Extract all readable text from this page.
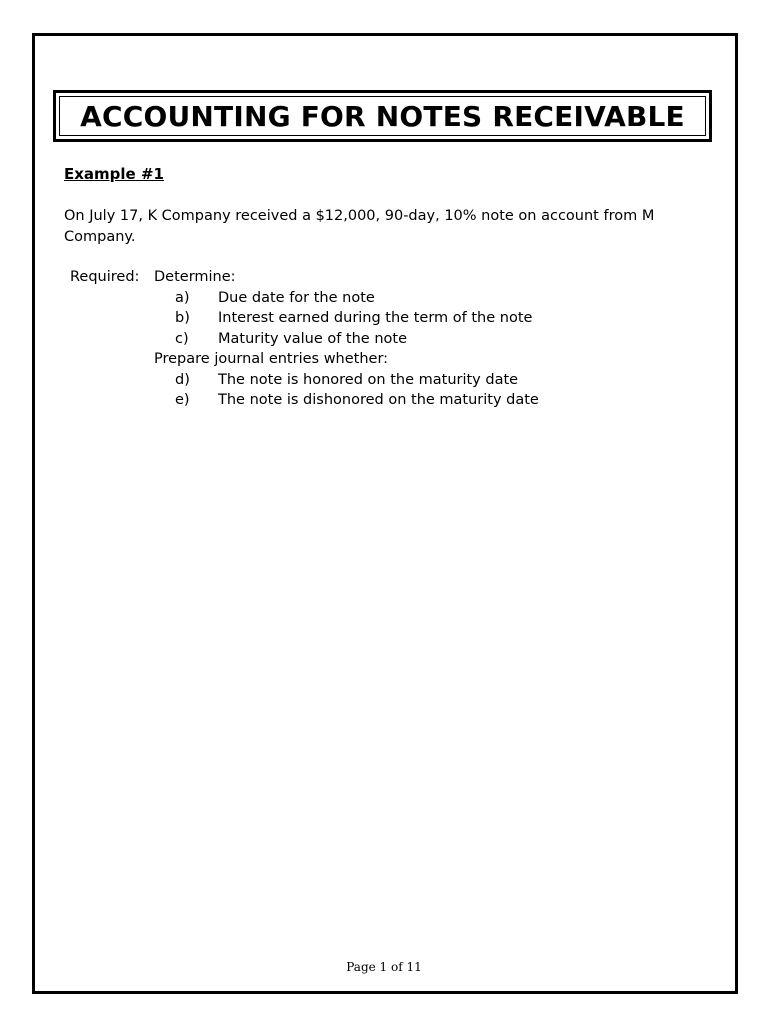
ACCOUNTING FOR NOTES RECEIVABLE
Example #1
On July 17, K Company received a $12,000, 90-day, 10% note on account from M Company.
Required:	Determine:
a)	Due date for the note
b)	Interest earned during the term of the note
c)	Maturity value of the note
Prepare journal entries whether:
d)	The note is honored on the maturity date
e)	The note is dishonored on the maturity date
Page 1 of 11
